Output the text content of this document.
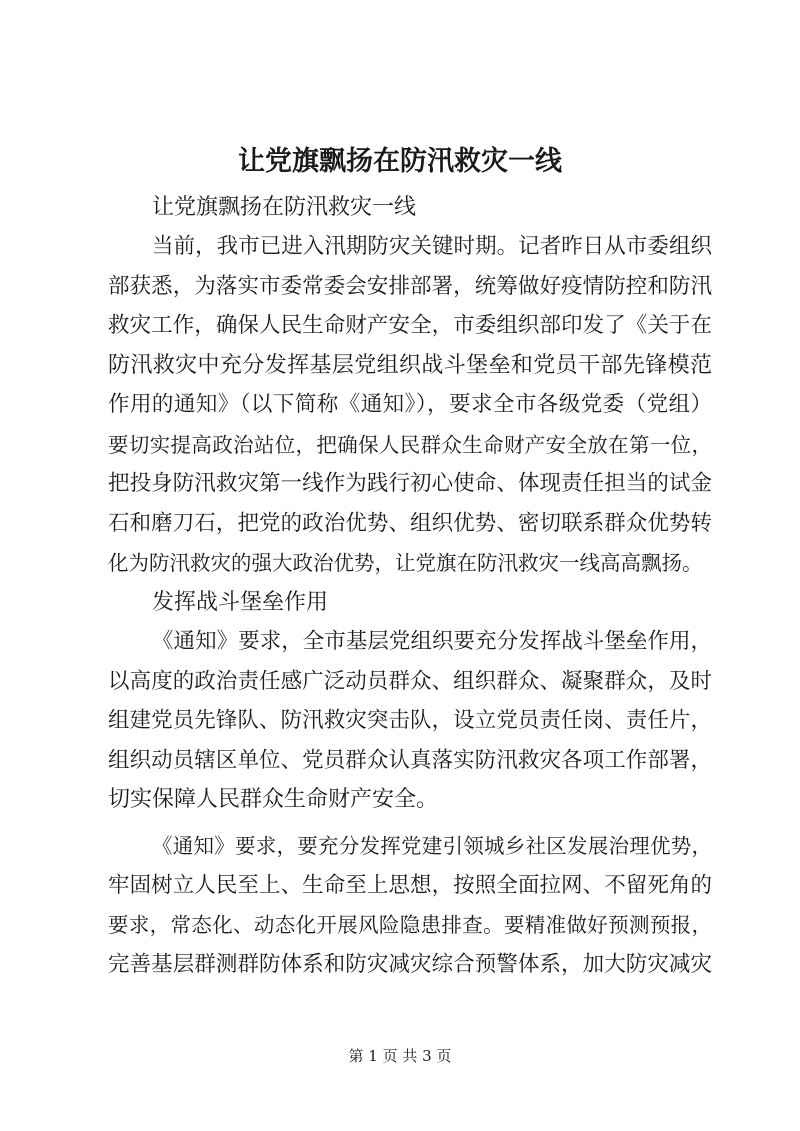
让党旗飘扬在防汛救灾一线
让党旗飘扬在防汛救灾一线
当前，我市已进入汛期防灾关键时期。记者昨日从市委组织
部获悉，为落实市委常委会安排部署，统筹做好疫情防控和防汛
救灾工作，确保人民生命财产安全，市委组织部印发了《关于在
防汛救灾中充分发挥基层党组织战斗堡垒和党员干部先锋模范
作用的通知》（以下简称《通知》），要求全市各级党委（党组）
要切实提高政治站位，把确保人民群众生命财产安全放在第一位，
把投身防汛救灾第一线作为践行初心使命、体现责任担当的试金
石和磨刀石，把党的政治优势、组织优势、密切联系群众优势转
化为防汛救灾的强大政治优势，让党旗在防汛救灾一线高高飘扬。
发挥战斗堡垒作用
《通知》要求，全市基层党组织要充分发挥战斗堡垒作用，
以高度的政治责任感广泛动员群众、组织群众、凝聚群众，及时
组建党员先锋队、防汛救灾突击队，设立党员责任岗、责任片，
组织动员辖区单位、党员群众认真落实防汛救灾各项工作部署，
切实保障人民群众生命财产安全。
《通知》要求，要充分发挥党建引领城乡社区发展治理优势，
牢固树立人民至上、生命至上思想，按照全面拉网、不留死角的
要求，常态化、动态化开展风险隐患排查。要精准做好预测预报，
完善基层群测群防体系和防灾减灾综合预警体系，加大防灾减灾
第 1 页 共 3 页
